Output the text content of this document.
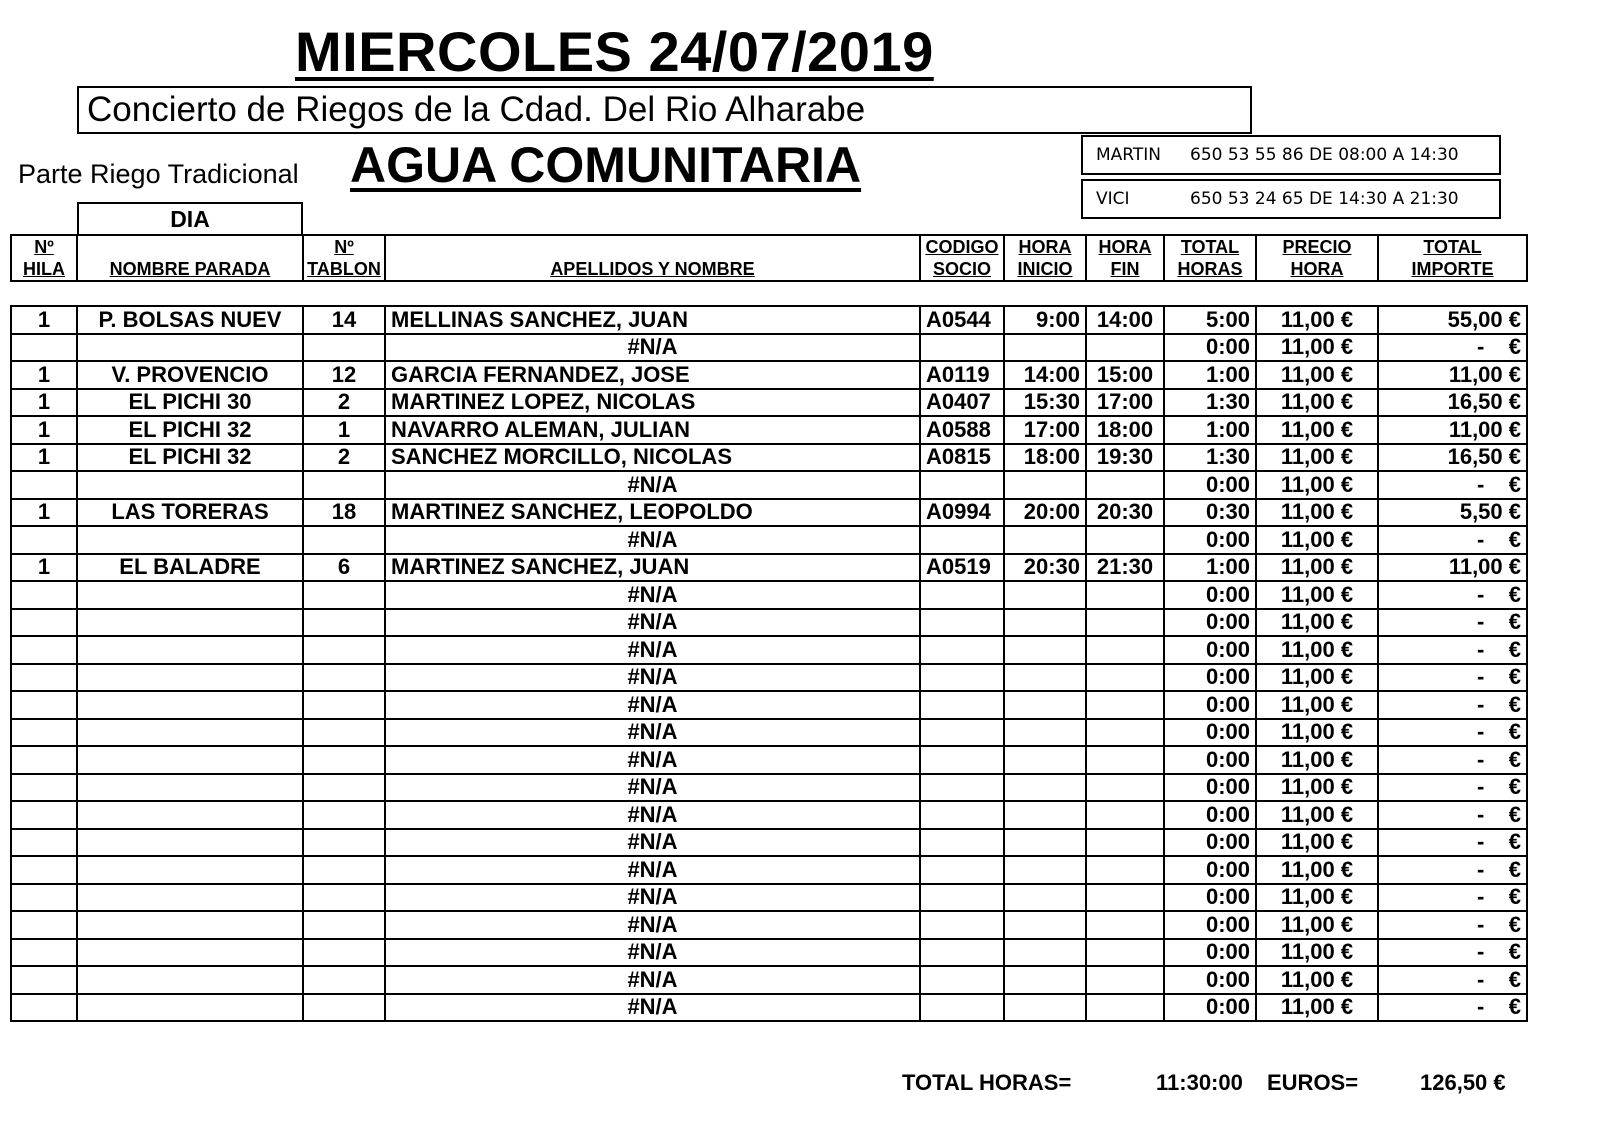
MIERCOLES 24/07/2019
Concierto de Riegos de la Cdad. Del Rio Alharabe
Parte Riego Tradicional AGUA COMUNITARIA	MARTIN 650 53 55 86 DE 08:00 A 14:30
VICI	650 53 24 65 DE 14:30 A 21:30
DIA
Nº		Nº		CODIGO	HORA	HORA	TOTAL	PRECIO	TOTAL
HILA	NOMBRE PARADA	TABLON	APELLIDOS Y NOMBRE	SOCIO	INICIO	FIN	HORAS	HORA	IMPORTE
1	P. BOLSAS NUEV	14	MELLINAS SANCHEZ, JUAN	A0544	9:00	14:00	5:00	11,00 €	55,00 €
			#N/A				0:00	11,00 €	-    €
1	V. PROVENCIO	12	GARCIA FERNANDEZ, JOSE	A0119	14:00	15:00	1:00	11,00 €	11,00 €
1	EL PICHI 30	2	MARTINEZ LOPEZ, NICOLAS	A0407	15:30	17:00	1:30	11,00 €	16,50 €
1	EL PICHI 32	1	NAVARRO ALEMAN, JULIAN	A0588	17:00	18:00	1:00	11,00 €	11,00 €
1	EL PICHI 32	2	SANCHEZ MORCILLO, NICOLAS	A0815	18:00	19:30	1:30	11,00 €	16,50 €
			#N/A				0:00	11,00 €	-    €
1	LAS TORERAS	18	MARTINEZ SANCHEZ, LEOPOLDO	A0994	20:00	20:30	0:30	11,00 €	5,50 €
			#N/A				0:00	11,00 €	-    €
1	EL BALADRE	6	MARTINEZ SANCHEZ, JUAN	A0519	20:30	21:30	1:00	11,00 €	11,00 €
			#N/A				0:00	11,00 €	-    €
			#N/A				0:00	11,00 €	-    €
			#N/A				0:00	11,00 €	-    €
			#N/A				0:00	11,00 €	-    €
			#N/A				0:00	11,00 €	-    €
			#N/A				0:00	11,00 €	-    €
			#N/A				0:00	11,00 €	-    €
			#N/A				0:00	11,00 €	-    €
			#N/A				0:00	11,00 €	-    €
			#N/A				0:00	11,00 €	-    €
			#N/A				0:00	11,00 €	-    €
			#N/A				0:00	11,00 €	-    €
			#N/A				0:00	11,00 €	-    €
			#N/A				0:00	11,00 €	-    €
			#N/A				0:00	11,00 €	-    €
			#N/A				0:00	11,00 €	-    €
TOTAL HORAS=	11:30:00 EUROS=	126,50 €
